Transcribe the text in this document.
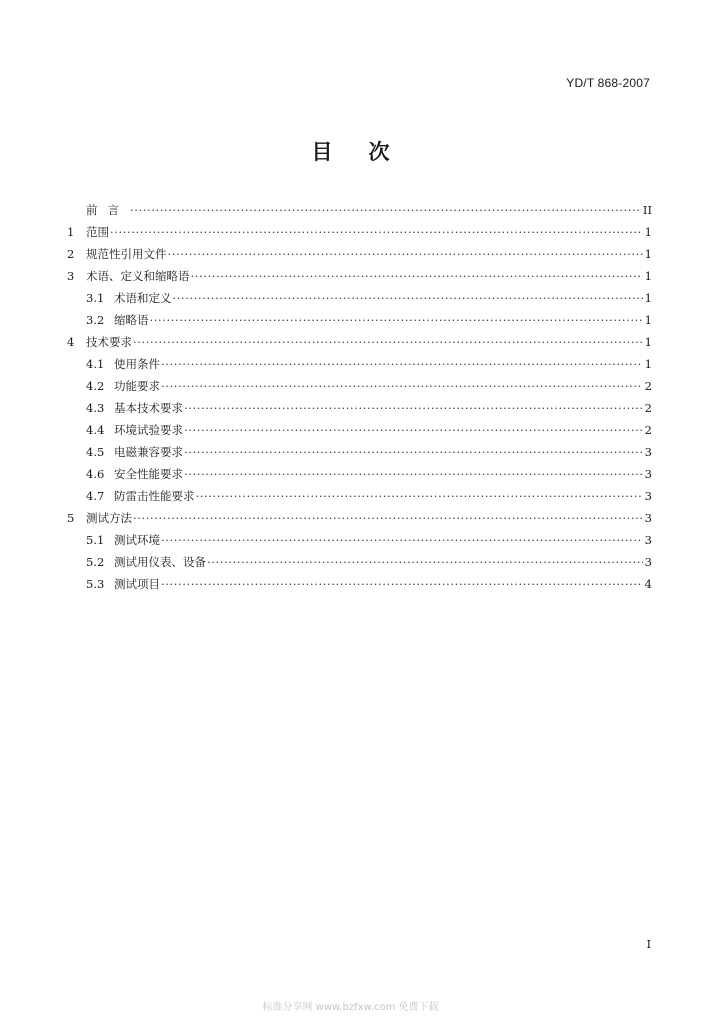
YD/T 868-2007
目 次
前言 ·····	II
1	范围 ·····	1
2	规范性引用文件 ·····	1
3	术语、定义和缩略语 ·····	1
3.1 术语和定义 ·····	1
3.2 缩略语 ·····	1
4	技术要求 ·····	1
4.1 使用条件 ·····	1
4.2 功能要求 ·····	2
4.3 基本技术要求 ·····	2
4.4 环境试验要求 ·····	2
4.5 电磁兼容要求 ·····	3
4.6 安全性能要求 ·····	3
4.7 防雷击性能要求 ·····	3
5	测试方法 ·····	3
5.1 测试环境 ·····	3
5.2 测试用仪表、设备 ·····	3
5.3 测试项目 ·····	4
I
标准分享网 www.bzfxw.com 免费下载
